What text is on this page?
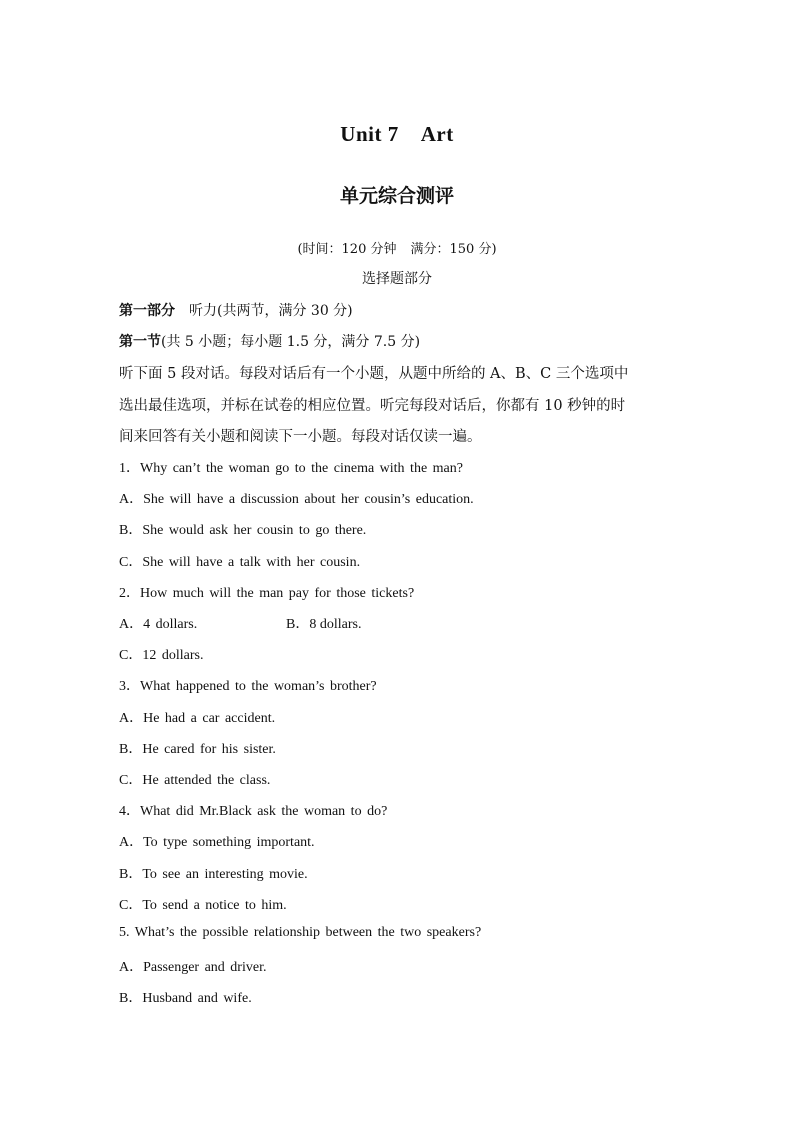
Unit 7 Art
单元综合测评
(时间：120 分钟 满分：150 分)
选择题部分
第一部分 听力(共两节，满分 30 分)
第一节(共 5 小题；每小题 1.5 分，满分 7.5 分)
听下面 5 段对话。每段对话后有一个小题，从题中所给的 A、B、C 三个选项中
选出最佳选项，并标在试卷的相应位置。听完每段对话后，你都有 10 秒钟的时
间来回答有关小题和阅读下一小题。每段对话仅读一遍。
1．Why can’t the woman go to the cinema with the man?
A．She will have a discussion about her cousin’s education.
B．She would ask her cousin to go there.
C．She will have a talk with her cousin.
2．How much will the man pay for those tickets?
A．4 dollars.	B．8 dollars.
C．12 dollars.
3．What happened to the woman’s brother?
A．He had a car accident.
B．He cared for his sister.
C．He attended the class.
4．What did Mr.Black ask the woman to do?
A．To type something important.
B．To see an interesting movie.
C．To send a notice to him.
5. What’s the possible relationship between the two speakers?
A．Passenger and driver.
B．Husband and wife.
